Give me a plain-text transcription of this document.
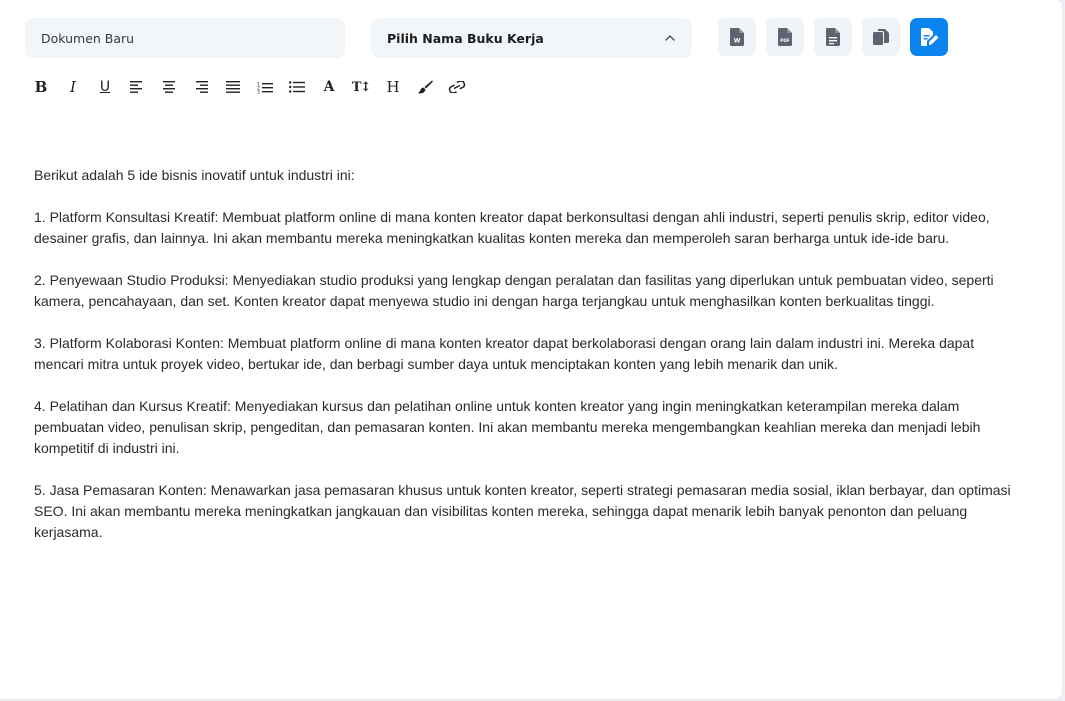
Dokumen Baru
Pilih Nama Buku Kerja	W	PDF
B I U	1
2
3	A T↕ H

Berikut adalah 5 ide bisnis inovatif untuk industri ini:

1. Platform Konsultasi Kreatif: Membuat platform online di mana konten kreator dapat berkonsultasi dengan ahli industri, seperti penulis skrip, editor video, desainer grafis, dan lainnya. Ini akan membantu mereka meningkatkan kualitas konten mereka dan memperoleh saran berharga untuk ide-ide baru.

2. Penyewaan Studio Produksi: Menyediakan studio produksi yang lengkap dengan peralatan dan fasilitas yang diperlukan untuk pembuatan video, seperti kamera, pencahayaan, dan set. Konten kreator dapat menyewa studio ini dengan harga terjangkau untuk menghasilkan konten berkualitas tinggi.

3. Platform Kolaborasi Konten: Membuat platform online di mana konten kreator dapat berkolaborasi dengan orang lain dalam industri ini. Mereka dapat mencari mitra untuk proyek video, bertukar ide, dan berbagi sumber daya untuk menciptakan konten yang lebih menarik dan unik.

4. Pelatihan dan Kursus Kreatif: Menyediakan kursus dan pelatihan online untuk konten kreator yang ingin meningkatkan keterampilan mereka dalam pembuatan video, penulisan skrip, pengeditan, dan pemasaran konten. Ini akan membantu mereka mengembangkan keahlian mereka dan menjadi lebih kompetitif di industri ini.

5. Jasa Pemasaran Konten: Menawarkan jasa pemasaran khusus untuk konten kreator, seperti strategi pemasaran media sosial, iklan berbayar, dan optimasi SEO. Ini akan membantu mereka meningkatkan jangkauan dan visibilitas konten mereka, sehingga dapat menarik lebih banyak penonton dan peluang kerjasama.
